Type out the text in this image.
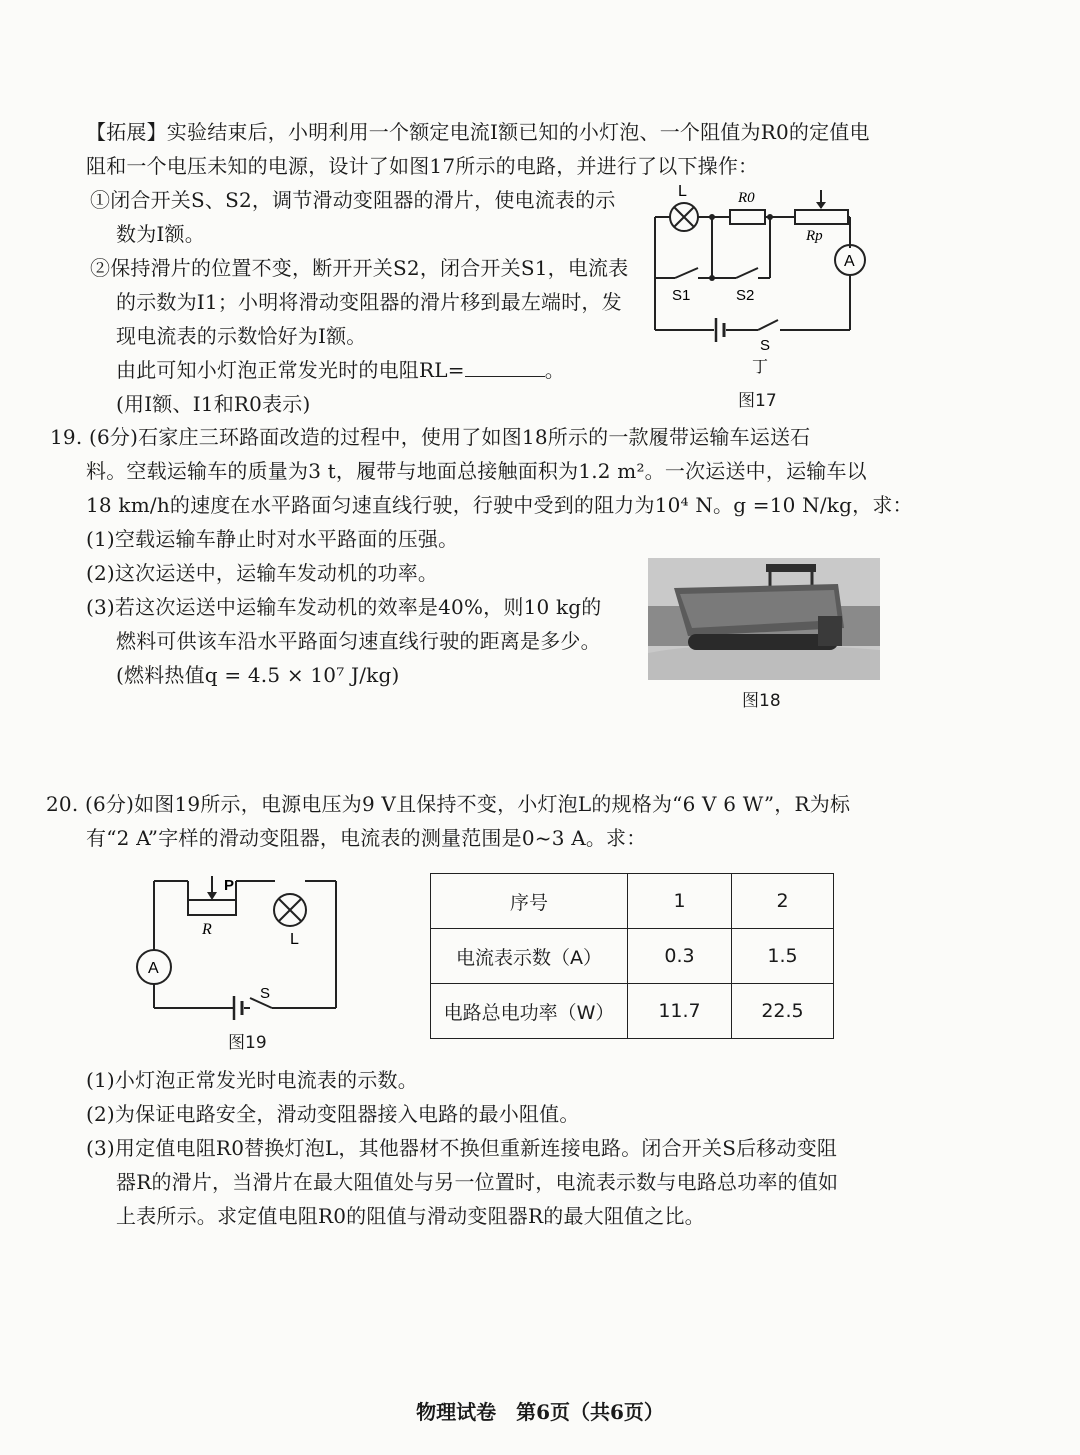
【拓展】实验结束后，小明利用一个额定电流I额已知的小灯泡、一个阻值为R0的定值电
阻和一个电压未知的电源，设计了如图17所示的电路，并进行了以下操作：
①闭合开关S、S2，调节滑动变阻器的滑片，使电流表的示
数为I额。
②保持滑片的位置不变，断开开关S2，闭合开关S1，电流表
的示数为I1；小明将滑动变阻器的滑片移到最左端时，发
现电流表的示数恰好为I额。
由此可知小灯泡正常发光时的电阻RL=	。
(用I额、I1和R0表示)
L	R0
Rp
A
S1	S2
S
丁
图17
19. (6分)石家庄三环路面改造的过程中，使用了如图18所示的一款履带运输车运送石
料。空载运输车的质量为3 t，履带与地面总接触面积为1.2 m²。一次运送中，运输车以
18 km/h的速度在水平路面匀速直线行驶，行驶中受到的阻力为10⁴ N。g =10 N/kg，求：
(1)空载运输车静止时对水平路面的压强。
(2)这次运送中，运输车发动机的功率。
(3)若这次运送中运输车发动机的效率是40%，则10 kg的
燃料可供该车沿水平路面匀速直线行驶的距离是多少。
(燃料热值q = 4.5 × 10⁷ J/kg)
图18
20. (6分)如图19所示，电源电压为9 V且保持不变，小灯泡L的规格为“6 V 6 W”，R为标
有“2 A”字样的滑动变阻器，电流表的测量范围是0~3 A。求：
P
R
L
A
S
图19
序号	1	2
电流表示数（A）	0.3	1.5
电路总电功率（W）	11.7	22.5
(1)小灯泡正常发光时电流表的示数。
(2)为保证电路安全，滑动变阻器接入电路的最小阻值。
(3)用定值电阻R0替换灯泡L，其他器材不换但重新连接电路。闭合开关S后移动变阻
器R的滑片，当滑片在最大阻值处与另一位置时，电流表示数与电路总功率的值如
上表所示。求定值电阻R0的阻值与滑动变阻器R的最大阻值之比。
物理试卷　第6页（共6页）
